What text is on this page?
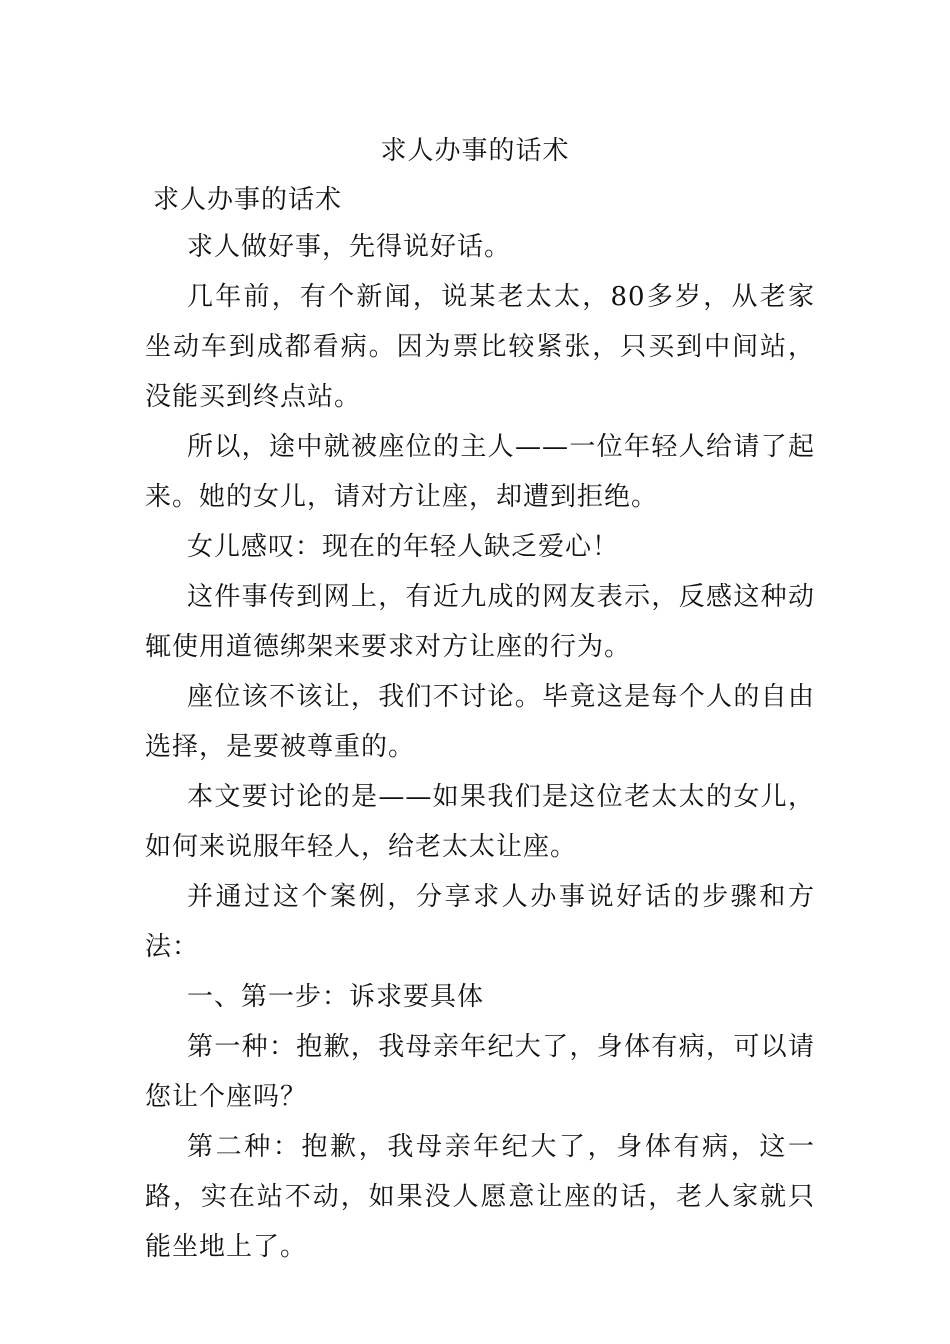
求人办事的话术
求人办事的话术

求人做好事，先得说好话。

几年前，有个新闻，说某老太太，80多岁，从老家坐动车到成都看病。因为票比较紧张，只买到中间站，没能买到终点站。

所以，途中就被座位的主人——一位年轻人给请了起来。她的女儿，请对方让座，却遭到拒绝。

女儿感叹：现在的年轻人缺乏爱心！

这件事传到网上，有近九成的网友表示，反感这种动辄使用道德绑架来要求对方让座的行为。

座位该不该让，我们不讨论。毕竟这是每个人的自由选择，是要被尊重的。

本文要讨论的是——如果我们是这位老太太的女儿，如何来说服年轻人，给老太太让座。

并通过这个案例，分享求人办事说好话的步骤和方法：

一、第一步：诉求要具体

第一种：抱歉，我母亲年纪大了，身体有病，可以请您让个座吗？

第二种：抱歉，我母亲年纪大了，身体有病，这一路，实在站不动，如果没人愿意让座的话，老人家就只能坐地上了。
